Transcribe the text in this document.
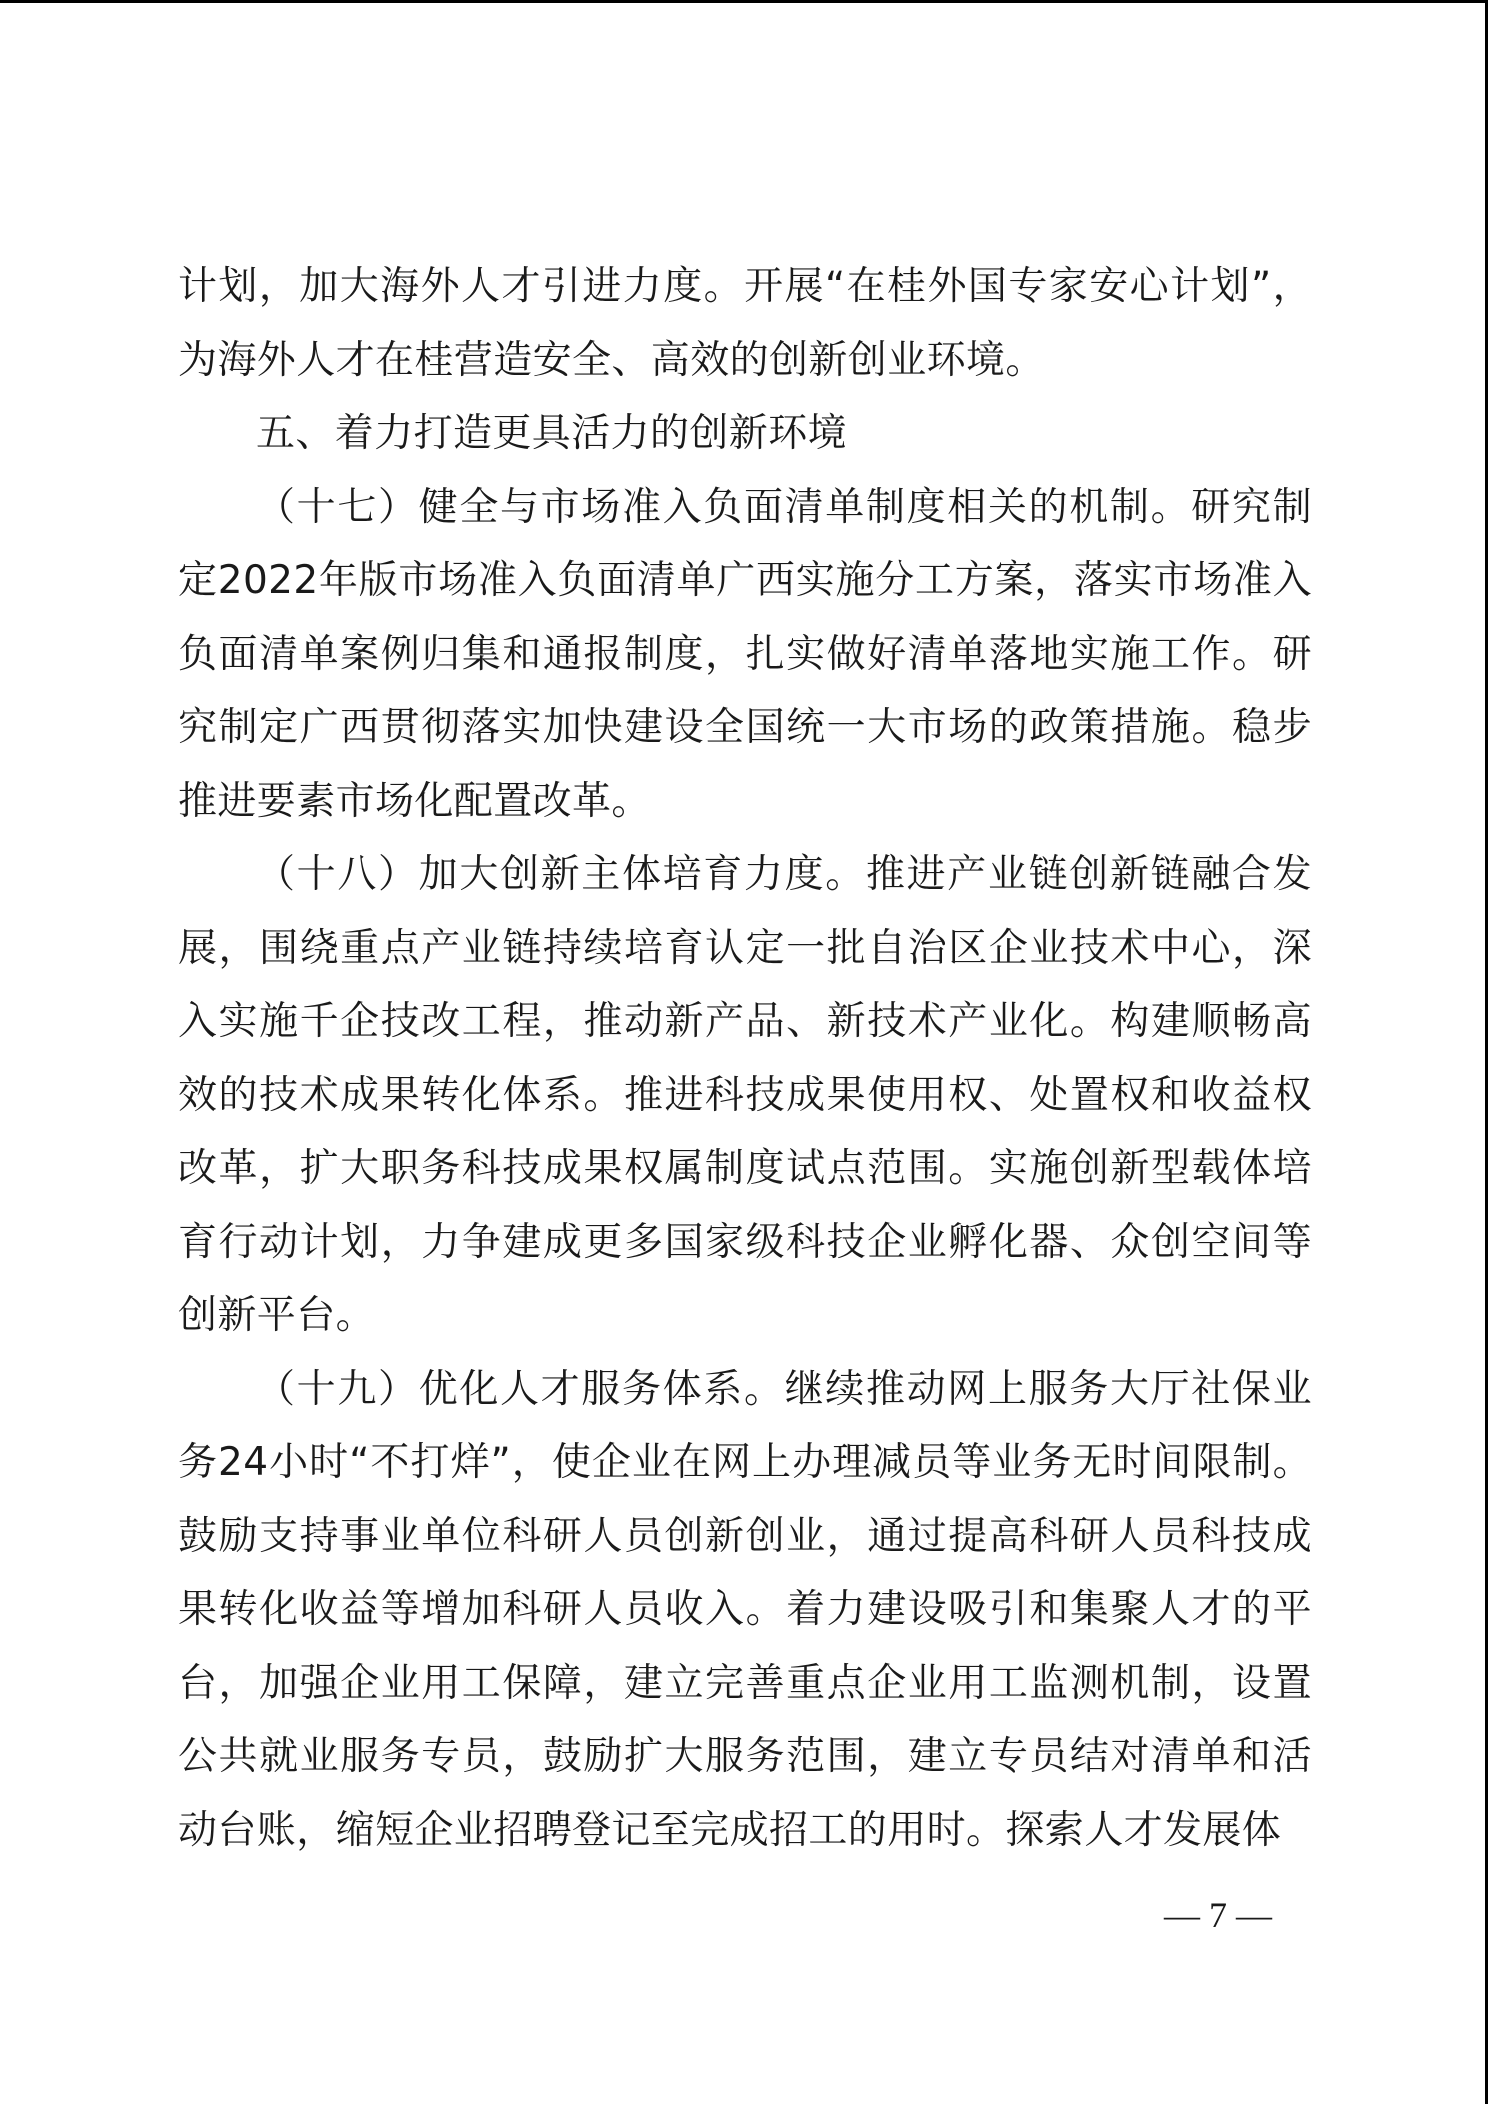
计划，加大海外人才引进力度。开展“在桂外国专家安心计划”，为海外人才在桂营造安全、高效的创新创业环境。

五、着力打造更具活力的创新环境

（十七）健全与市场准入负面清单制度相关的机制。研究制定2022年版市场准入负面清单广西实施分工方案，落实市场准入负面清单案例归集和通报制度，扎实做好清单落地实施工作。研究制定广西贯彻落实加快建设全国统一大市场的政策措施。稳步推进要素市场化配置改革。

（十八）加大创新主体培育力度。推进产业链创新链融合发展，围绕重点产业链持续培育认定一批自治区企业技术中心，深入实施千企技改工程，推动新产品、新技术产业化。构建顺畅高效的技术成果转化体系。推进科技成果使用权、处置权和收益权改革，扩大职务科技成果权属制度试点范围。实施创新型载体培育行动计划，力争建成更多国家级科技企业孵化器、众创空间等创新平台。

（十九）优化人才服务体系。继续推动网上服务大厅社保业务24小时“不打烊”，使企业在网上办理减员等业务无时间限制。鼓励支持事业单位科研人员创新创业，通过提高科研人员科技成果转化收益等增加科研人员收入。着力建设吸引和集聚人才的平台，加强企业用工保障，建立完善重点企业用工监测机制，设置公共就业服务专员，鼓励扩大服务范围，建立专员结对清单和活动台账，缩短企业招聘登记至完成招工的用时。探索人才发展体

— 7 —
